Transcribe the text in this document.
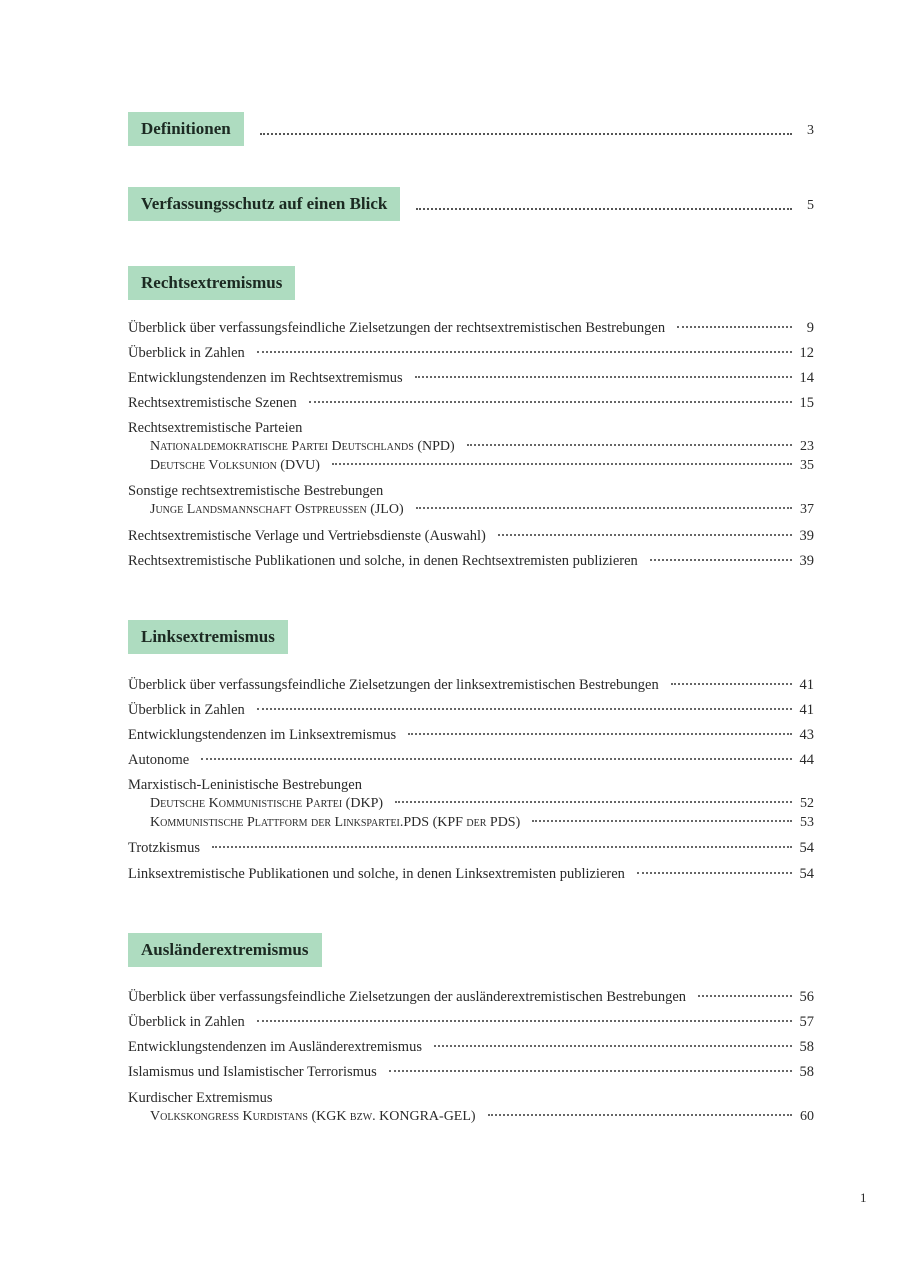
Definitionen	3
Verfassungsschutz auf einen Blick	5
Rechtsextremismus
Überblick über verfassungsfeindliche Zielsetzungen der rechtsextremistischen Bestrebungen	9
Überblick in Zahlen	12
Entwicklungstendenzen im Rechtsextremismus	14
Rechtsextremistische Szenen	15
Rechtsextremistische Parteien
Nationaldemokratische Partei Deutschlands (NPD)	23
Deutsche Volksunion (DVU)	35
Sonstige rechtsextremistische Bestrebungen
Junge Landsmannschaft Ostpreussen (JLO)	37
Rechtsextremistische Verlage und Vertriebsdienste (Auswahl)	39
Rechtsextremistische Publikationen und solche, in denen Rechtsextremisten publizieren	39
Linksextremismus
Überblick über verfassungsfeindliche Zielsetzungen der linksextremistischen Bestrebungen	41
Überblick in Zahlen	41
Entwicklungstendenzen im Linksextremismus	43
Autonome	44
Marxistisch-Leninistische Bestrebungen
Deutsche Kommunistische Partei (DKP)	52
Kommunistische Plattform der Linkspartei.PDS (KPF der PDS)	53
Trotzkismus	54
Linksextremistische Publikationen und solche, in denen Linksextremisten publizieren	54
Ausländerextremismus
Überblick über verfassungsfeindliche Zielsetzungen der ausländerextremistischen Bestrebungen	56
Überblick in Zahlen	57
Entwicklungstendenzen im Ausländerextremismus	58
Islamismus und Islamistischer Terrorismus	58
Kurdischer Extremismus
Volkskongress Kurdistans (KGK bzw. KONGRA-GEL)	60
1
